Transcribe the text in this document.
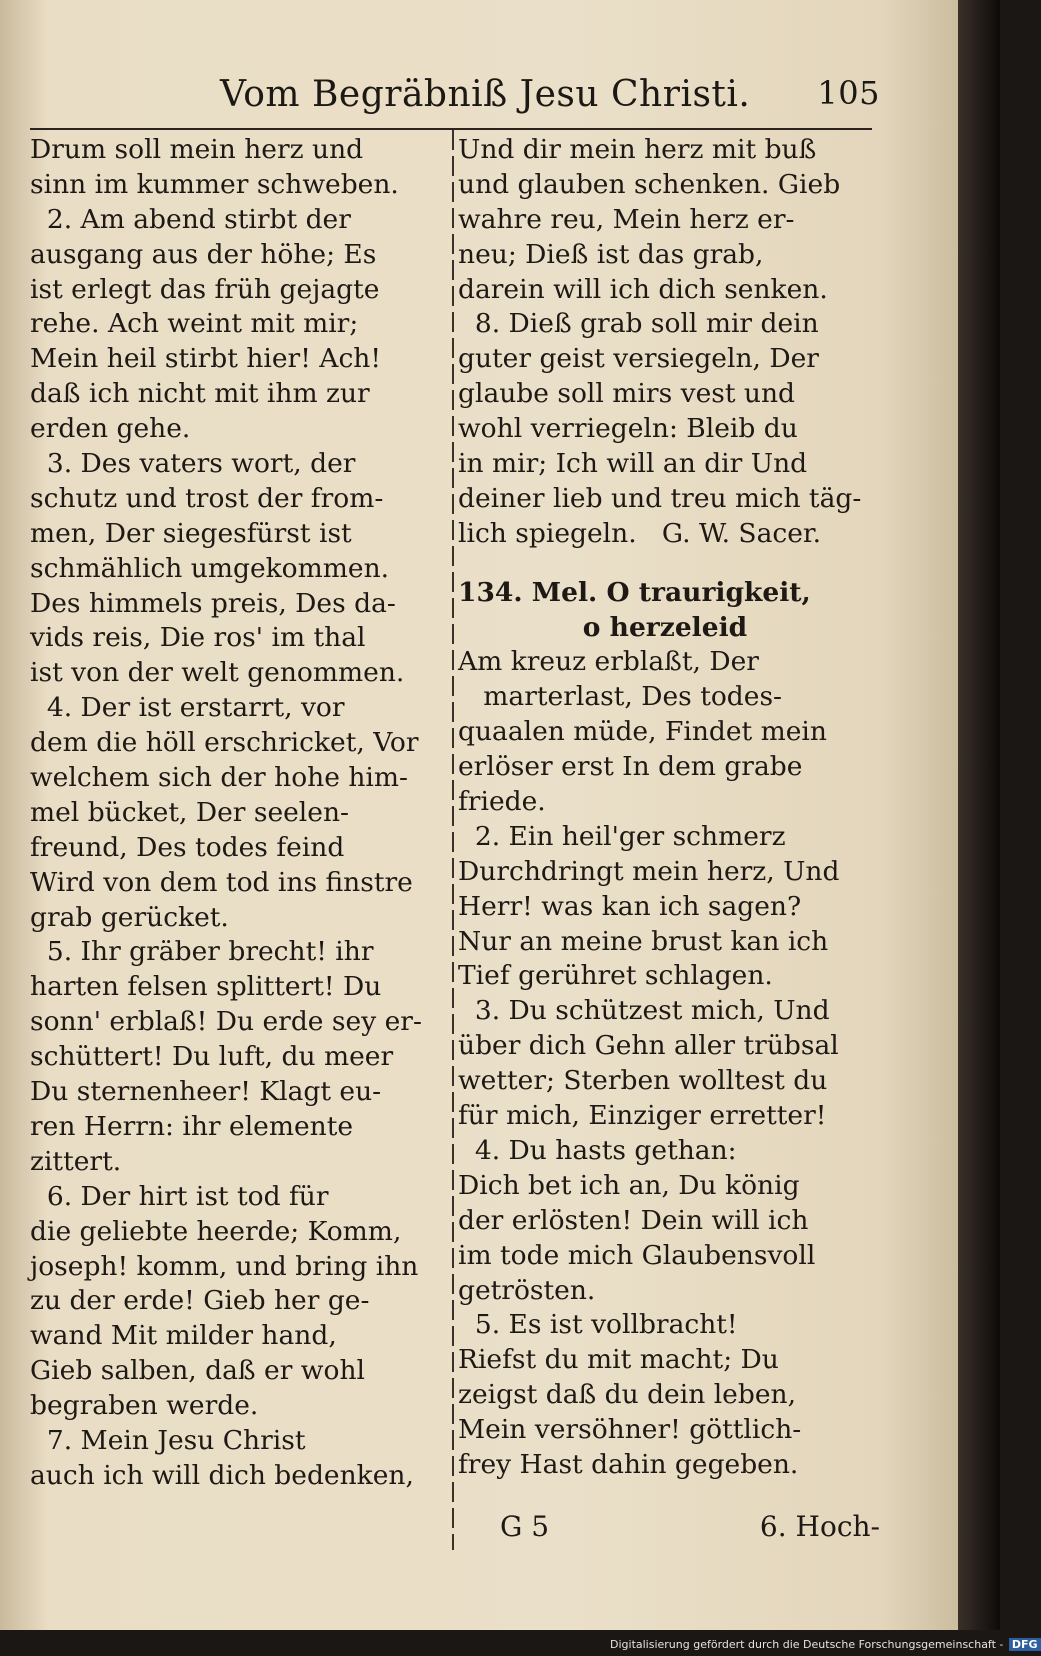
Vom Begräbniß Jesu Christi. 105
Drum soll mein herz und
sinn im kummer schweben.
2. Am abend stirbt der
ausgang aus der höhe; Es
ist erlegt das früh gejagte
rehe. Ach weint mit mir;
Mein heil stirbt hier! Ach!
daß ich nicht mit ihm zur
erden gehe.
3. Des vaters wort, der
schutz und trost der from-
men, Der siegesfürst ist
schmählich umgekommen.
Des himmels preis, Des da-
vids reis, Die ros' im thal
ist von der welt genommen.
4. Der ist erstarrt, vor
dem die höll erschricket, Vor
welchem sich der hohe him-
mel bücket, Der seelen-
freund, Des todes feind
Wird von dem tod ins finstre
grab gerücket.
5. Ihr gräber brecht! ihr
harten felsen splittert! Du
sonn' erblaß! Du erde sey er-
schüttert! Du luft, du meer
Du sternenheer! Klagt eu-
ren Herrn: ihr elemente
zittert.
6. Der hirt ist tod für
die geliebte heerde; Komm,
joseph! komm, und bring ihn
zu der erde! Gieb her ge-
wand Mit milder hand,
Gieb salben, daß er wohl
begraben werde.
7. Mein Jesu Christ
auch ich will dich bedenken,
Und dir mein herz mit buß
und glauben schenken. Gieb
wahre reu, Mein herz er-
neu; Dieß ist das grab,
darein will ich dich senken.
8. Dieß grab soll mir dein
guter geist versiegeln, Der
glaube soll mirs vest und
wohl verriegeln: Bleib du
in mir; Ich will an dir Und
deiner lieb und treu mich täg-
lich spiegeln.   G. W. Sacer.
134. Mel. O traurigkeit,
o herzeleid
Am kreuz erblaßt, Der
marterlast, Des todes-
quaalen müde, Findet mein
erlöser erst In dem grabe
friede.
2. Ein heil'ger schmerz
Durchdringt mein herz, Und
Herr! was kan ich sagen?
Nur an meine brust kan ich
Tief gerühret schlagen.
3. Du schützest mich, Und
über dich Gehn aller trübsal
wetter; Sterben wolltest du
für mich, Einziger erretter!
4. Du hasts gethan:
Dich bet ich an, Du könig
der erlösten! Dein will ich
im tode mich Glaubensvoll
getrösten.
5. Es ist vollbracht!
Riefst du mit macht; Du
zeigst daß du dein leben,
Mein versöhner! göttlich-
frey Hast dahin gegeben.
G 5	6. Hoch-
Digitalisierung gefördert durch die Deutsche Forschungsgemeinschaft - DFG
